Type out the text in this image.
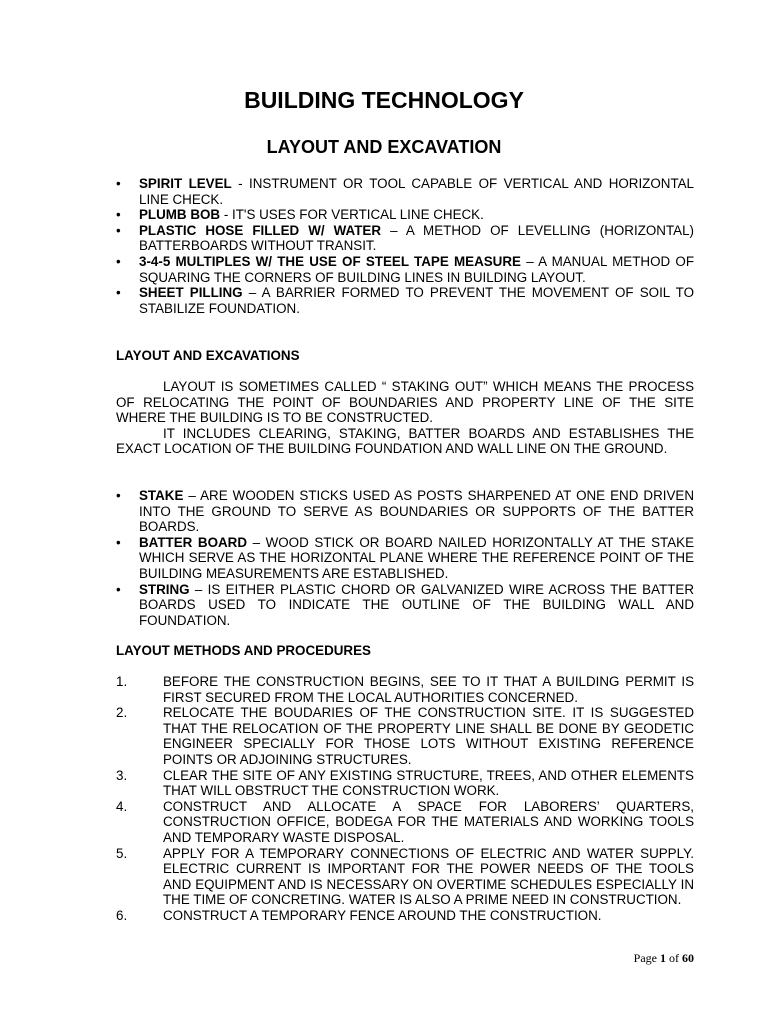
BUILDING TECHNOLOGY
LAYOUT AND EXCAVATION
•	SPIRIT LEVEL - INSTRUMENT OR TOOL CAPABLE OF VERTICAL AND HORIZONTAL LINE CHECK.
•	PLUMB BOB - IT'S USES FOR VERTICAL LINE CHECK.
•	PLASTIC HOSE FILLED W/ WATER – A METHOD OF LEVELLING (HORIZONTAL) BATTERBOARDS WITHOUT TRANSIT.
•	3-4-5 MULTIPLES W/ THE USE OF STEEL TAPE MEASURE – A MANUAL METHOD OF SQUARING THE CORNERS OF BUILDING LINES IN BUILDING LAYOUT.
•	SHEET PILLING – A BARRIER FORMED TO PREVENT THE MOVEMENT OF SOIL TO STABILIZE FOUNDATION.
LAYOUT AND EXCAVATIONS

LAYOUT IS SOMETIMES CALLED “ STAKING OUT” WHICH MEANS THE PROCESS OF RELOCATING THE POINT OF BOUNDARIES AND PROPERTY LINE OF THE SITE WHERE THE BUILDING IS TO BE CONSTRUCTED.

IT INCLUDES CLEARING, STAKING, BATTER BOARDS AND ESTABLISHES THE EXACT LOCATION OF THE BUILDING FOUNDATION AND WALL LINE ON THE GROUND.

•	STAKE – ARE WOODEN STICKS USED AS POSTS SHARPENED AT ONE END DRIVEN INTO THE GROUND TO SERVE AS BOUNDARIES OR SUPPORTS OF THE BATTER BOARDS.
•	BATTER BOARD – WOOD STICK OR BOARD NAILED HORIZONTALLY AT THE STAKE WHICH SERVE AS THE HORIZONTAL PLANE WHERE THE REFERENCE POINT OF THE BUILDING MEASUREMENTS ARE ESTABLISHED.
•	STRING – IS EITHER PLASTIC CHORD OR GALVANIZED WIRE ACROSS THE BATTER BOARDS USED TO INDICATE THE OUTLINE OF THE BUILDING WALL AND FOUNDATION.
LAYOUT METHODS AND PROCEDURES
1.	BEFORE THE CONSTRUCTION BEGINS, SEE TO IT THAT A BUILDING PERMIT IS FIRST SECURED FROM THE LOCAL AUTHORITIES CONCERNED.
2.	RELOCATE THE BOUDARIES OF THE CONSTRUCTION SITE. IT IS SUGGESTED THAT THE RELOCATION OF THE PROPERTY LINE SHALL BE DONE BY GEODETIC ENGINEER SPECIALLY FOR THOSE LOTS WITHOUT EXISTING REFERENCE POINTS OR ADJOINING STRUCTURES.
3.	CLEAR THE SITE OF ANY EXISTING STRUCTURE, TREES, AND OTHER ELEMENTS THAT WILL OBSTRUCT THE CONSTRUCTION WORK.
4.	CONSTRUCT AND ALLOCATE A SPACE FOR LABORERS’ QUARTERS, CONSTRUCTION OFFICE, BODEGA FOR THE MATERIALS AND WORKING TOOLS AND TEMPORARY WASTE DISPOSAL.
5.	APPLY FOR A TEMPORARY CONNECTIONS OF ELECTRIC AND WATER SUPPLY. ELECTRIC CURRENT IS IMPORTANT FOR THE POWER NEEDS OF THE TOOLS AND EQUIPMENT AND IS NECESSARY ON OVERTIME SCHEDULES ESPECIALLY IN THE TIME OF CONCRETING. WATER IS ALSO A PRIME NEED IN CONSTRUCTION.
6.	CONSTRUCT A TEMPORARY FENCE AROUND THE CONSTRUCTION.
Page 1 of 60
